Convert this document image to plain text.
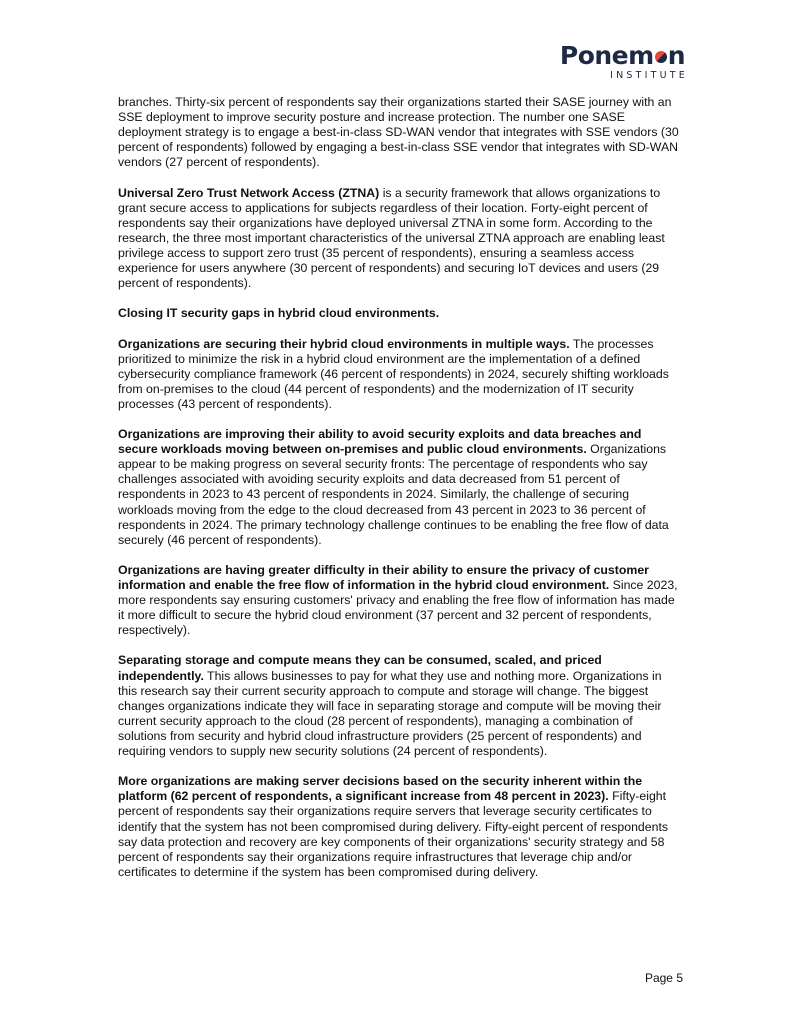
Ponem n
INSTITUTE

branches. Thirty-six percent of respondents say their organizations started their SASE journey with an SSE deployment to improve security posture and increase protection. The number one SASE deployment strategy is to engage a best-in-class SD-WAN vendor that integrates with SSE vendors (30 percent of respondents) followed by engaging a best-in-class SSE vendor that integrates with SD-WAN vendors (27 percent of respondents).

Universal Zero Trust Network Access (ZTNA) is a security framework that allows organizations to grant secure access to applications for subjects regardless of their location. Forty-eight percent of respondents say their organizations have deployed universal ZTNA in some form. According to the research, the three most important characteristics of the universal ZTNA approach are enabling least privilege access to support zero trust (35 percent of respondents), ensuring a seamless access experience for users anywhere (30 percent of respondents) and securing IoT devices and users (29 percent of respondents).

Closing IT security gaps in hybrid cloud environments.

Organizations are securing their hybrid cloud environments in multiple ways. The processes prioritized to minimize the risk in a hybrid cloud environment are the implementation of a defined cybersecurity compliance framework (46 percent of respondents) in 2024, securely shifting workloads from on-premises to the cloud (44 percent of respondents) and the modernization of IT security processes (43 percent of respondents).

Organizations are improving their ability to avoid security exploits and data breaches and secure workloads moving between on-premises and public cloud environments. Organizations appear to be making progress on several security fronts: The percentage of respondents who say challenges associated with avoiding security exploits and data decreased from 51 percent of respondents in 2023 to 43 percent of respondents in 2024. Similarly, the challenge of securing workloads moving from the edge to the cloud decreased from 43 percent in 2023 to 36 percent of respondents in 2024. The primary technology challenge continues to be enabling the free flow of data securely (46 percent of respondents).

Organizations are having greater difficulty in their ability to ensure the privacy of customer information and enable the free flow of information in the hybrid cloud environment. Since 2023, more respondents say ensuring customers' privacy and enabling the free flow of information has made it more difficult to secure the hybrid cloud environment (37 percent and 32 percent of respondents, respectively).

Separating storage and compute means they can be consumed, scaled, and priced independently. This allows businesses to pay for what they use and nothing more. Organizations in this research say their current security approach to compute and storage will change. The biggest changes organizations indicate they will face in separating storage and compute will be moving their current security approach to the cloud (28 percent of respondents), managing a combination of solutions from security and hybrid cloud infrastructure providers (25 percent of respondents) and requiring vendors to supply new security solutions (24 percent of respondents).

More organizations are making server decisions based on the security inherent within the platform (62 percent of respondents, a significant increase from 48 percent in 2023). Fifty-eight percent of respondents say their organizations require servers that leverage security certificates to identify that the system has not been compromised during delivery. Fifty-eight percent of respondents say data protection and recovery are key components of their organizations' security strategy and 58 percent of respondents say their organizations require infrastructures that leverage chip and/or certificates to determine if the system has been compromised during delivery.

Page 5
